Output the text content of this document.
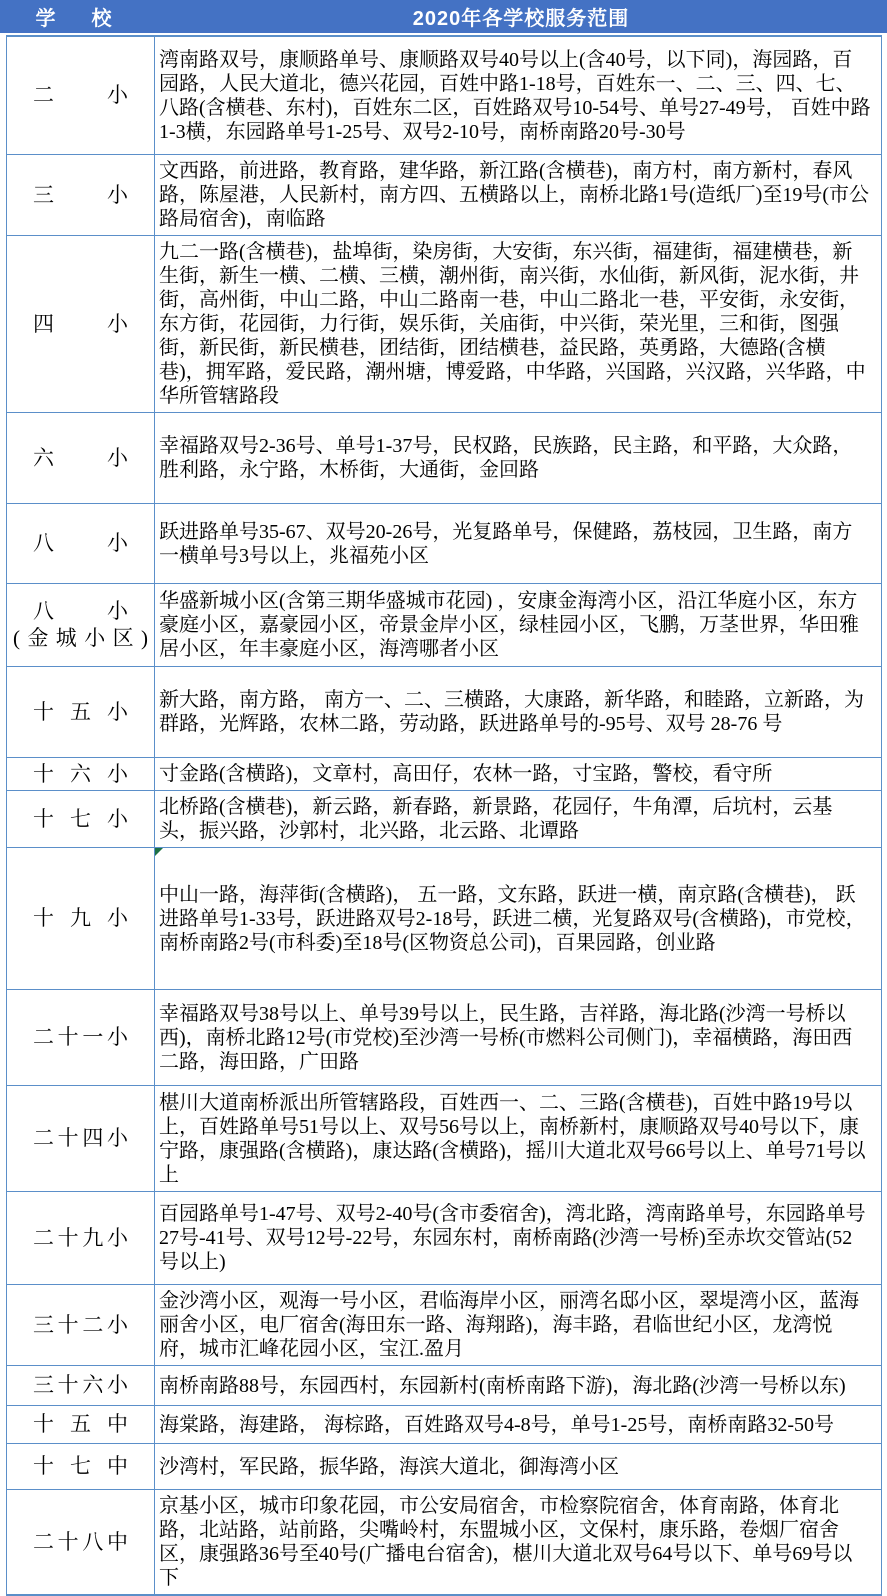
学　校	2020年各学校服务范围
二小
湾南路双号，康顺路单号、康顺路双号40号以上(含40号，以下同)，海园路，百园路，人民大道北，德兴花园，百姓中路1-18号，百姓东一、二、三、四、七、八路(含横巷、东村)，百姓东二区，百姓路双号10-54号、单号27-49号， 百姓中路1-3横，东园路单号1-25号、双号2-10号，南桥南路20号-30号
三小
文西路，前进路，教育路，建华路，新江路(含横巷)，南方村，南方新村，春风路，陈屋港，人民新村，南方四、五横路以上，南桥北路1号(造纸厂)至19号(市公路局宿舍)，南临路
四小
九二一路(含横巷)，盐埠街，染房街，大安街，东兴街，福建街，福建横巷，新生街，新生一横、二横、三横，潮州街，南兴街，水仙街，新风街，泥水街，井街，高州街，中山二路，中山二路南一巷，中山二路北一巷，平安街，永安街，东方街，花园街，力行街，娱乐街，关庙街，中兴街，荣光里，三和街，图强街，新民街，新民横巷，团结街，团结横巷，益民路，英勇路，大德路(含横巷)，拥军路，爱民路，潮州塘，博爱路，中华路，兴国路，兴汉路，兴华路，中华所管辖路段
六小 幸福路双号2-36号、单号1-37号，民权路，民族路，民主路，和平路，大众路，胜利路，永宁路，木桥街，大通街，金回路
八小 跃进路单号35-67、双号20-26号，光复路单号，保健路，荔枝园，卫生路，南方一横单号3号以上，兆福苑小区
八小
(金城小区)
华盛新城小区(含第三期华盛城市花园) ，安康金海湾小区，沿江华庭小区，东方豪庭小区，嘉豪园小区，帝景金岸小区，绿桂园小区，飞鹏，万茎世界，华田雅居小区，年丰豪庭小区，海湾哪者小区
十五小 新大路，南方路， 南方一、二、三横路，大康路，新华路，和睦路，立新路，为群路，光辉路，农林二路，劳动路，跃进路单号的-95号、双号 28-76 号
十六小 寸金路(含横路)，文章村，高田仔，农林一路，寸宝路，警校，看守所
十七小 北桥路(含横巷)，新云路，新春路，新景路，花园仔，牛角潭，后坑村，云基头，振兴路，沙郭村，北兴路，北云路、北谭路
十九小
中山一路，海萍街(含横路)， 五一路，文东路，跃进一横，南京路(含横巷)， 跃进路单号1-33号，跃进路双号2-18号，跃进二横，光复路双号(含横路)，市党校，南桥南路2号(市科委)至18号(区物资总公司)，百果园路，创业路
二十一小
幸福路双号38号以上、单号39号以上，民生路，吉祥路，海北路(沙湾一号桥以西)，南桥北路12号(市党校)至沙湾一号桥(市燃料公司侧门)，幸福横路，海田西二路，海田路，广田路
二十四小
椹川大道南桥派出所管辖路段，百姓西一、二、三路(含横巷)，百姓中路19号以上，百姓路单号51号以上、双号56号以上，南桥新村，康顺路双号40号以下，康宁路，康强路(含横路)，康达路(含横路)，摇川大道北双号66号以上、单号71号以上
二十九小
百园路单号1-47号、双号2-40号(含市委宿舍)，湾北路，湾南路单号，东园路单号27号-41号、双号12号-22号，东园东村，南桥南路(沙湾一号桥)至赤坎交管站(52号以上)
三十二小
金沙湾小区，观海一号小区，君临海岸小区，丽湾名邸小区，翠堤湾小区，蓝海丽舍小区，电厂宿舍(海田东一路、海翔路)，海丰路，君临世纪小区，龙湾悦府，城市汇峰花园小区，宝江.盈月
三十六小 南桥南路88号，东园西村，东园新村(南桥南路下游)，海北路(沙湾一号桥以东)
十五中 海棠路，海建路， 海棕路，百姓路双号4-8号，单号1-25号，南桥南路32-50号
十七中 沙湾村，军民路，振华路，海滨大道北，御海湾小区
二十八中
京基小区，城市印象花园，市公安局宿舍，市检察院宿舍，体育南路，体育北路，北站路，站前路，尖嘴岭村，东盟城小区，文保村，康乐路，卷烟厂宿舍区，康强路36号至40号(广播电台宿舍)，椹川大道北双号64号以下、单号69号以下
